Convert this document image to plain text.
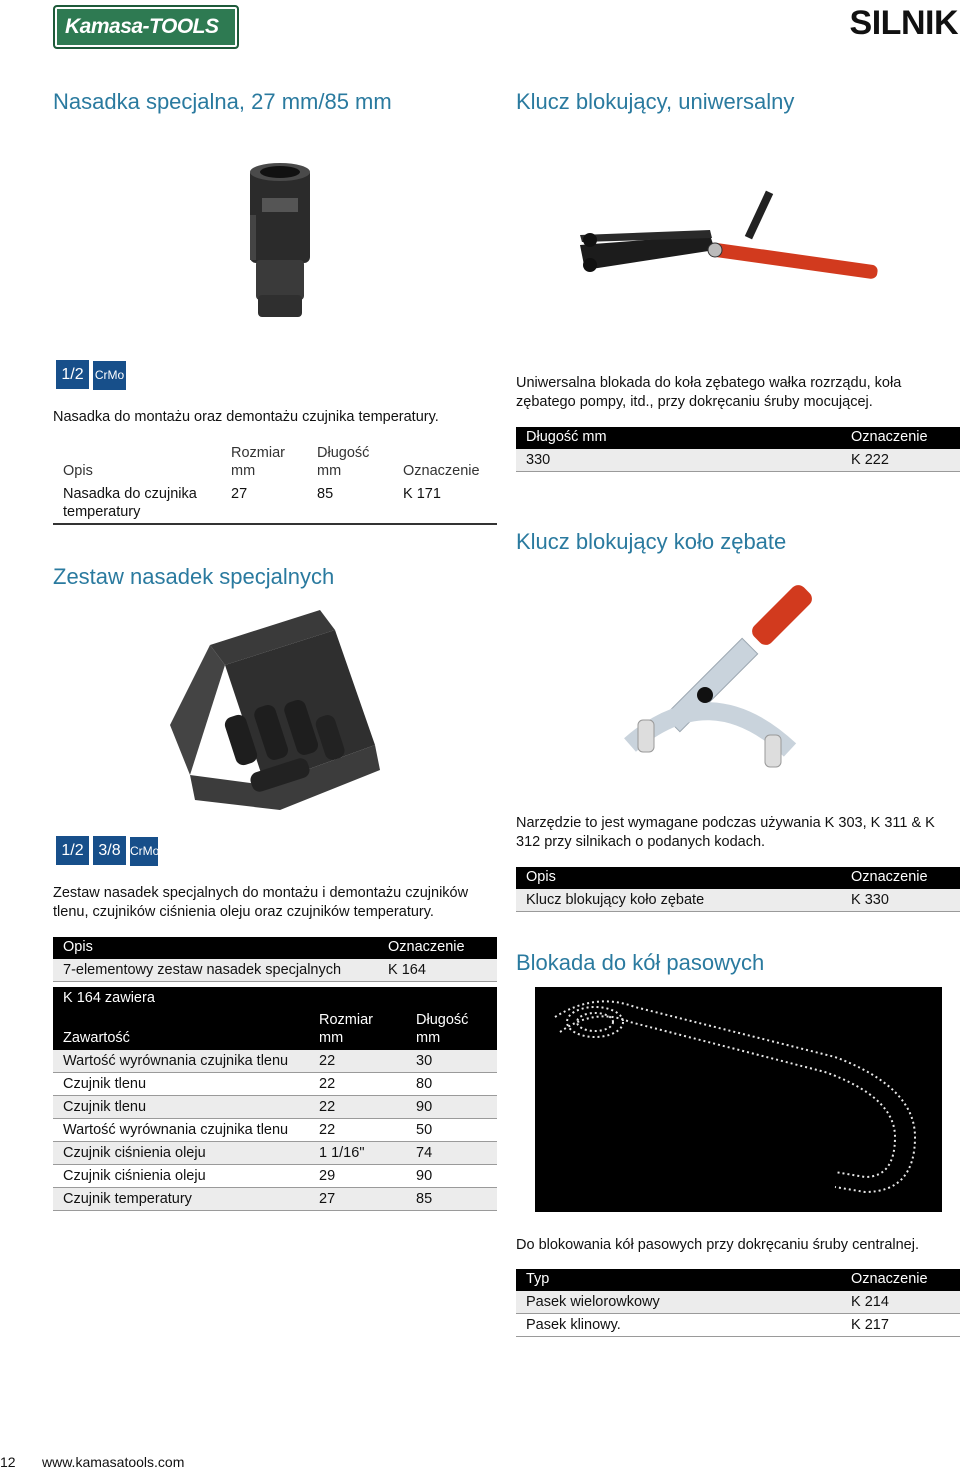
Kamasa-TOOLS	SILNIK
Nasadka specjalna, 27 mm/85 mm
1/2 CrMo
Nasadka do montażu oraz demontażu czujnika temperatury.
Opis	Rozmiar mm	Długość mm	Oznaczenie
Nasadka do czujnika temperatury	27	85	K 171
Zestaw nasadek specjalnych
1/2 3/8 CrMo
Zestaw nasadek specjalnych do montażu i demontażu czujników tlenu, czujników ciśnienia oleju oraz czujników temperatury.
Opis	Oznaczenie
7-elementowy zestaw nasadek specjalnych	K 164
K 164 zawiera		
Zawartość	Rozmiar mm	Długość mm
Wartość wyrównania czujnika tlenu	22	30
Czujnik tlenu	22	80
Czujnik tlenu	22	90
Wartość wyrównania czujnika tlenu	22	50
Czujnik ciśnienia oleju	1 1/16"	74
Czujnik ciśnienia oleju	29	90
Czujnik temperatury	27	85
Klucz blokujący, uniwersalny
Uniwersalna blokada do koła zębatego wałka rozrządu, koła zębatego pompy, itd., przy dokręcaniu śruby mocującej.
Długość mm	Oznaczenie
330	K 222
Klucz blokujący koło zębate
Narzędzie to jest wymagane podczas używania K 303, K 311 & K 312 przy silnikach o podanych kodach.
Opis	Oznaczenie
Klucz blokujący koło zębate	K 330
Blokada do kół pasowych
Do blokowania kół pasowych przy dokręcaniu śruby centralnej.
Typ	Oznaczenie
Pasek wielorowkowy	K 214
Pasek klinowy.	K 217
12 www.kamasatools.com
